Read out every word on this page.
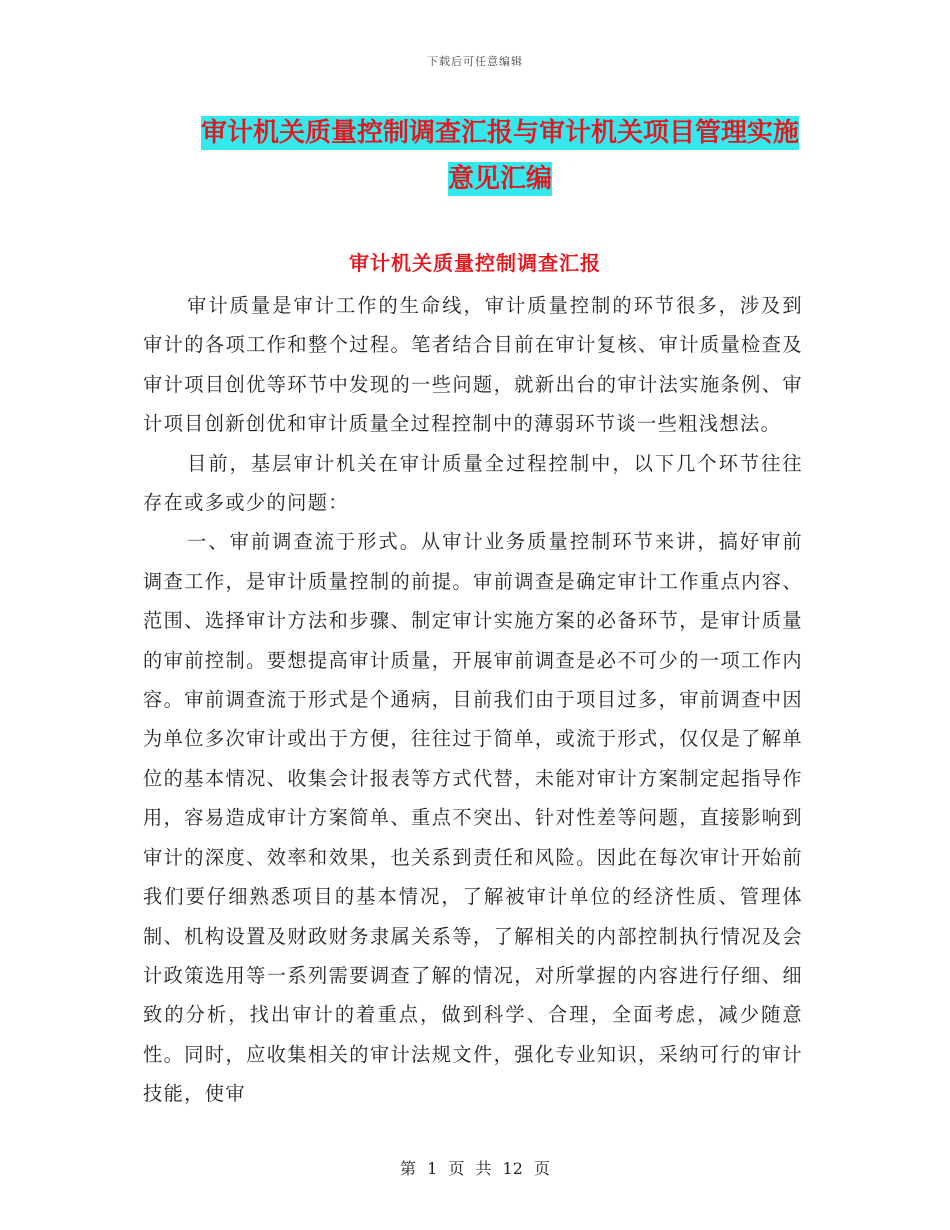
下载后可任意编辑
审计机关质量控制调查汇报与审计机关项目管理实施
意见汇编
审计机关质量控制调查汇报

审计质量是审计工作的生命线，审计质量控制的环节很多，涉及到审计的各项工作和整个过程。笔者结合目前在审计复核、审计质量检查及审计项目创优等环节中发现的一些问题，就新出台的审计法实施条例、审计项目创新创优和审计质量全过程控制中的薄弱环节谈一些粗浅想法。

目前，基层审计机关在审计质量全过程控制中，以下几个环节往往存在或多或少的问题：

一、审前调查流于形式。从审计业务质量控制环节来讲，搞好审前调查工作，是审计质量控制的前提。审前调查是确定审计工作重点内容、范围、选择审计方法和步骤、制定审计实施方案的必备环节，是审计质量的审前控制。要想提高审计质量，开展审前调查是必不可少的一项工作内容。审前调查流于形式是个通病，目前我们由于项目过多，审前调查中因为单位多次审计或出于方便，往往过于简单，或流于形式，仅仅是了解单位的基本情况、收集会计报表等方式代替，未能对审计方案制定起指导作用，容易造成审计方案简单、重点不突出、针对性差等问题，直接影响到审计的深度、效率和效果，也关系到责任和风险。因此在每次审计开始前我们要仔细熟悉项目的基本情况，了解被审计单位的经济性质、管理体制、机构设置及财政财务隶属关系等，了解相关的内部控制执行情况及会计政策选用等一系列需要调查了解的情况，对所掌握的内容进行仔细、细致的分析，找出审计的着重点，做到科学、合理，全面考虑，减少随意性。同时，应收集相关的审计法规文件，强化专业知识，采纳可行的审计技能，使审

第 1 页 共 12 页
